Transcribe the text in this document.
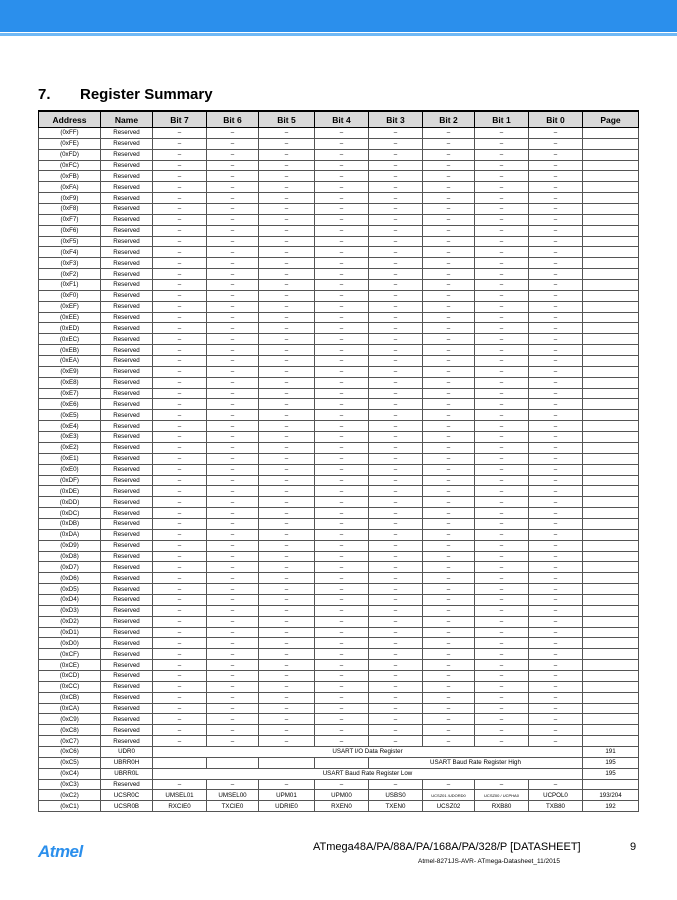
7. Register Summary
Address	Name	Bit 7	Bit 6	Bit 5	Bit 4	Bit 3	Bit 2	Bit 1	Bit 0	Page
(0xFF)	Reserved	–	–	–	–	–	–	–	–	
(0xFE)	Reserved	–	–	–	–	–	–	–	–	
(0xFD)	Reserved	–	–	–	–	–	–	–	–	
(0xFC)	Reserved	–	–	–	–	–	–	–	–	
(0xFB)	Reserved	–	–	–	–	–	–	–	–	
(0xFA)	Reserved	–	–	–	–	–	–	–	–	
(0xF9)	Reserved	–	–	–	–	–	–	–	–	
(0xF8)	Reserved	–	–	–	–	–	–	–	–	
(0xF7)	Reserved	–	–	–	–	–	–	–	–	
(0xF6)	Reserved	–	–	–	–	–	–	–	–	
(0xF5)	Reserved	–	–	–	–	–	–	–	–	
(0xF4)	Reserved	–	–	–	–	–	–	–	–	
(0xF3)	Reserved	–	–	–	–	–	–	–	–	
(0xF2)	Reserved	–	–	–	–	–	–	–	–	
(0xF1)	Reserved	–	–	–	–	–	–	–	–	
(0xF0)	Reserved	–	–	–	–	–	–	–	–	
(0xEF)	Reserved	–	–	–	–	–	–	–	–	
(0xEE)	Reserved	–	–	–	–	–	–	–	–	
(0xED)	Reserved	–	–	–	–	–	–	–	–	
(0xEC)	Reserved	–	–	–	–	–	–	–	–	
(0xEB)	Reserved	–	–	–	–	–	–	–	–	
(0xEA)	Reserved	–	–	–	–	–	–	–	–	
(0xE9)	Reserved	–	–	–	–	–	–	–	–	
(0xE8)	Reserved	–	–	–	–	–	–	–	–	
(0xE7)	Reserved	–	–	–	–	–	–	–	–	
(0xE6)	Reserved	–	–	–	–	–	–	–	–	
(0xE5)	Reserved	–	–	–	–	–	–	–	–	
(0xE4)	Reserved	–	–	–	–	–	–	–	–	
(0xE3)	Reserved	–	–	–	–	–	–	–	–	
(0xE2)	Reserved	–	–	–	–	–	–	–	–	
(0xE1)	Reserved	–	–	–	–	–	–	–	–	
(0xE0)	Reserved	–	–	–	–	–	–	–	–	
(0xDF)	Reserved	–	–	–	–	–	–	–	–	
(0xDE)	Reserved	–	–	–	–	–	–	–	–	
(0xDD)	Reserved	–	–	–	–	–	–	–	–	
(0xDC)	Reserved	–	–	–	–	–	–	–	–	
(0xDB)	Reserved	–	–	–	–	–	–	–	–	
(0xDA)	Reserved	–	–	–	–	–	–	–	–	
(0xD9)	Reserved	–	–	–	–	–	–	–	–	
(0xD8)	Reserved	–	–	–	–	–	–	–	–	
(0xD7)	Reserved	–	–	–	–	–	–	–	–	
(0xD6)	Reserved	–	–	–	–	–	–	–	–	
(0xD5)	Reserved	–	–	–	–	–	–	–	–	
(0xD4)	Reserved	–	–	–	–	–	–	–	–	
(0xD3)	Reserved	–	–	–	–	–	–	–	–	
(0xD2)	Reserved	–	–	–	–	–	–	–	–	
(0xD1)	Reserved	–	–	–	–	–	–	–	–	
(0xD0)	Reserved	–	–	–	–	–	–	–	–	
(0xCF)	Reserved	–	–	–	–	–	–	–	–	
(0xCE)	Reserved	–	–	–	–	–	–	–	–	
(0xCD)	Reserved	–	–	–	–	–	–	–	–	
(0xCC)	Reserved	–	–	–	–	–	–	–	–	
(0xCB)	Reserved	–	–	–	–	–	–	–	–	
(0xCA)	Reserved	–	–	–	–	–	–	–	–	
(0xC9)	Reserved	–	–	–	–	–	–	–	–	
(0xC8)	Reserved	–	–	–	–	–	–	–	–	
(0xC7)	Reserved	–	–	–	–	–	–	–	–	
(0xC6)	UDR0	USART I/O Data Register								191
(0xC5)	UBRR0H					USART Baud Rate Register High				195
(0xC4)	UBRR0L	USART Baud Rate Register Low								195
(0xC3)	Reserved	–	–	–	–	–	–	–	–	
(0xC2)	UCSR0C	UMSEL01	UMSEL00	UPM01	UPM00	USBS0	UCSZ01 /UDORD0	UCSZ00 / UCPHA0	UCPOL0	193/204
(0xC1)	UCSR0B	RXCIE0	TXCIE0	UDRIE0	RXEN0	TXEN0	UCSZ02	RXB80	TXB80	192
Atmel	ATmega48A/PA/88A/PA/168A/PA/328/P [DATASHEET]	9
Atmel-8271JS-AVR- ATmega-Datasheet_11/2015
